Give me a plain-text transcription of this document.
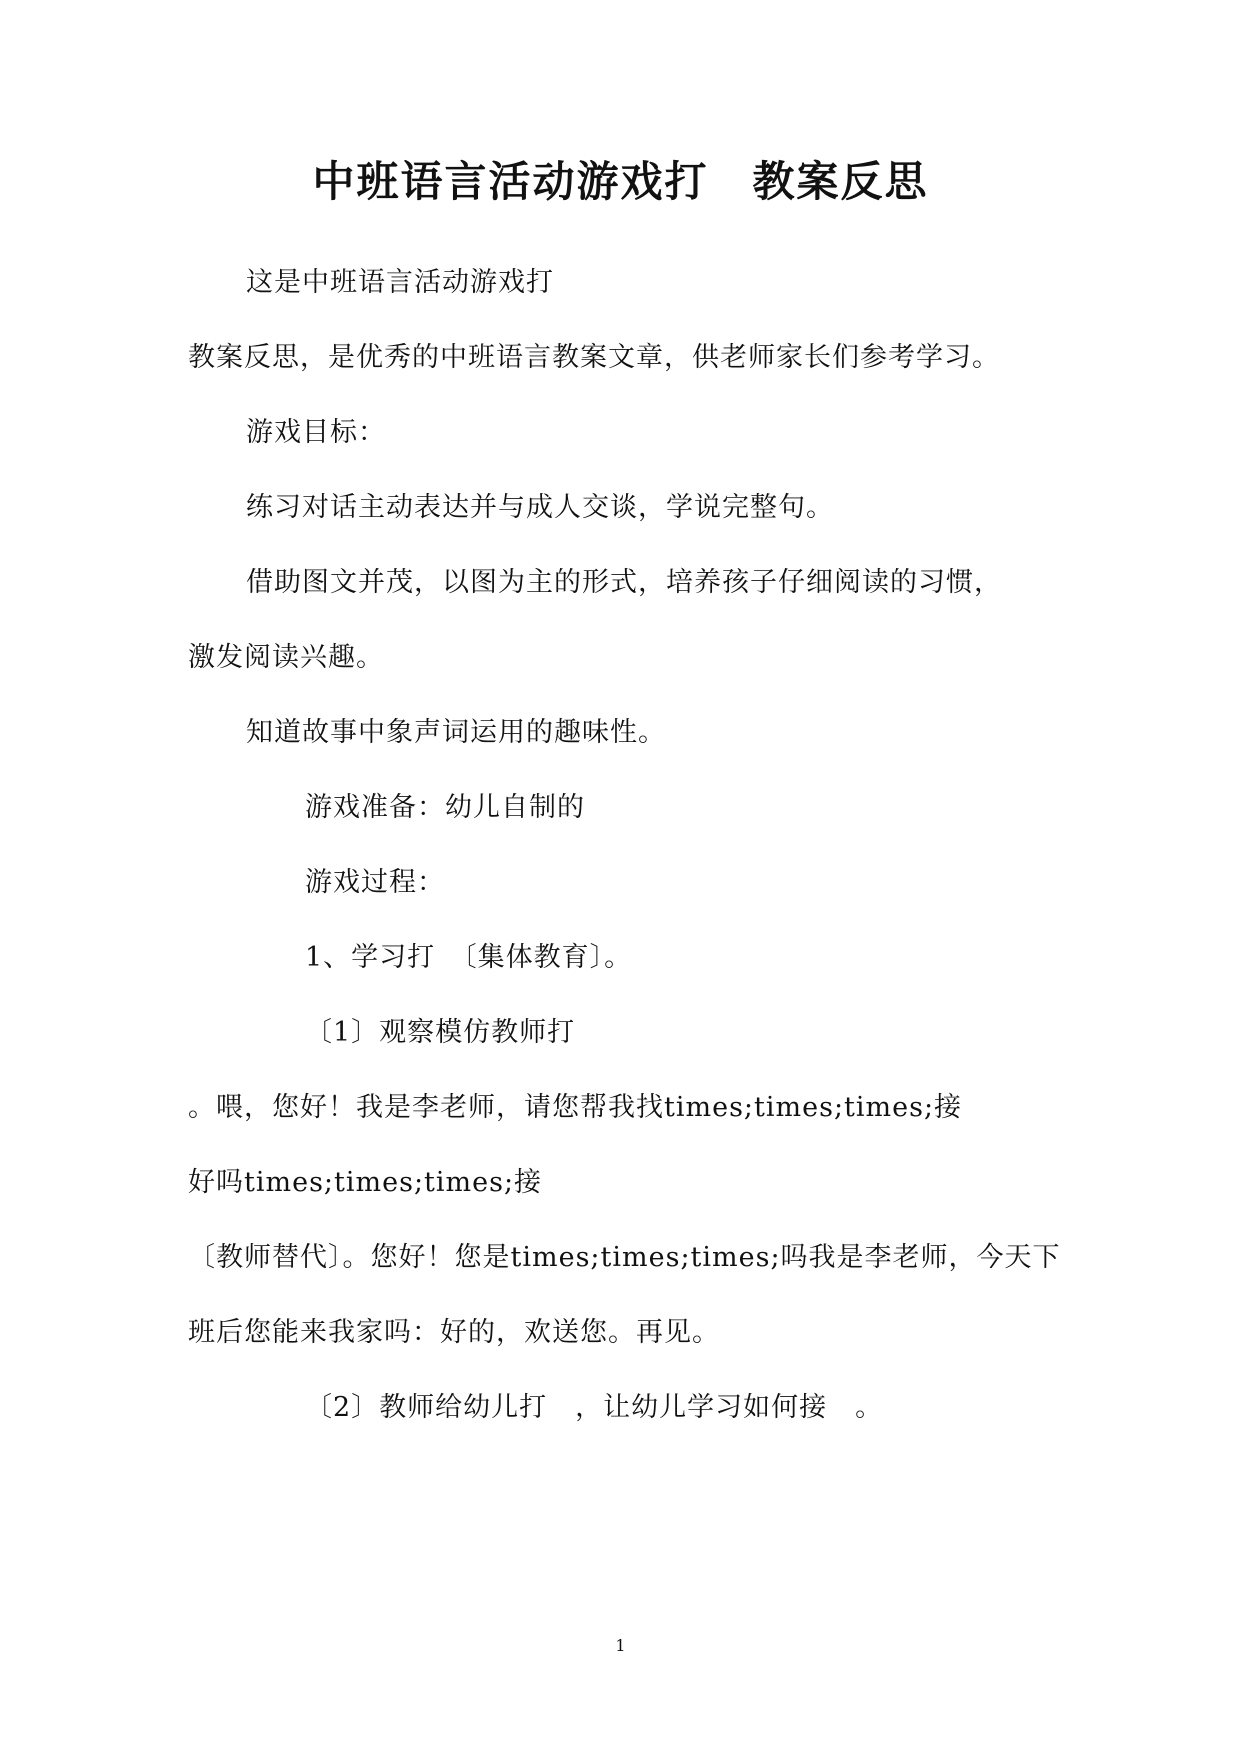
中班语言活动游戏打　教案反思
这是中班语言活动游戏打
教案反思，是优秀的中班语言教案文章，供老师家长们参考学习。
游戏目标：
练习对话主动表达并与成人交谈，学说完整句。
借助图文并茂，以图为主的形式，培养孩子仔细阅读的习惯，
激发阅读兴趣。
知道故事中象声词运用的趣味性。
游戏准备：幼儿自制的
游戏过程：
1、学习打　〔集体教育〕。
〔1〕观察模仿教师打
。喂，您好！我是李老师，请您帮我找times;times;times;接
好吗times;times;times;接
〔教师替代〕。您好！您是times;times;times;吗我是李老师，今天下
班后您能来我家吗：好的，欢送您。再见。
〔2〕教师给幼儿打　，让幼儿学习如何接　。
1
